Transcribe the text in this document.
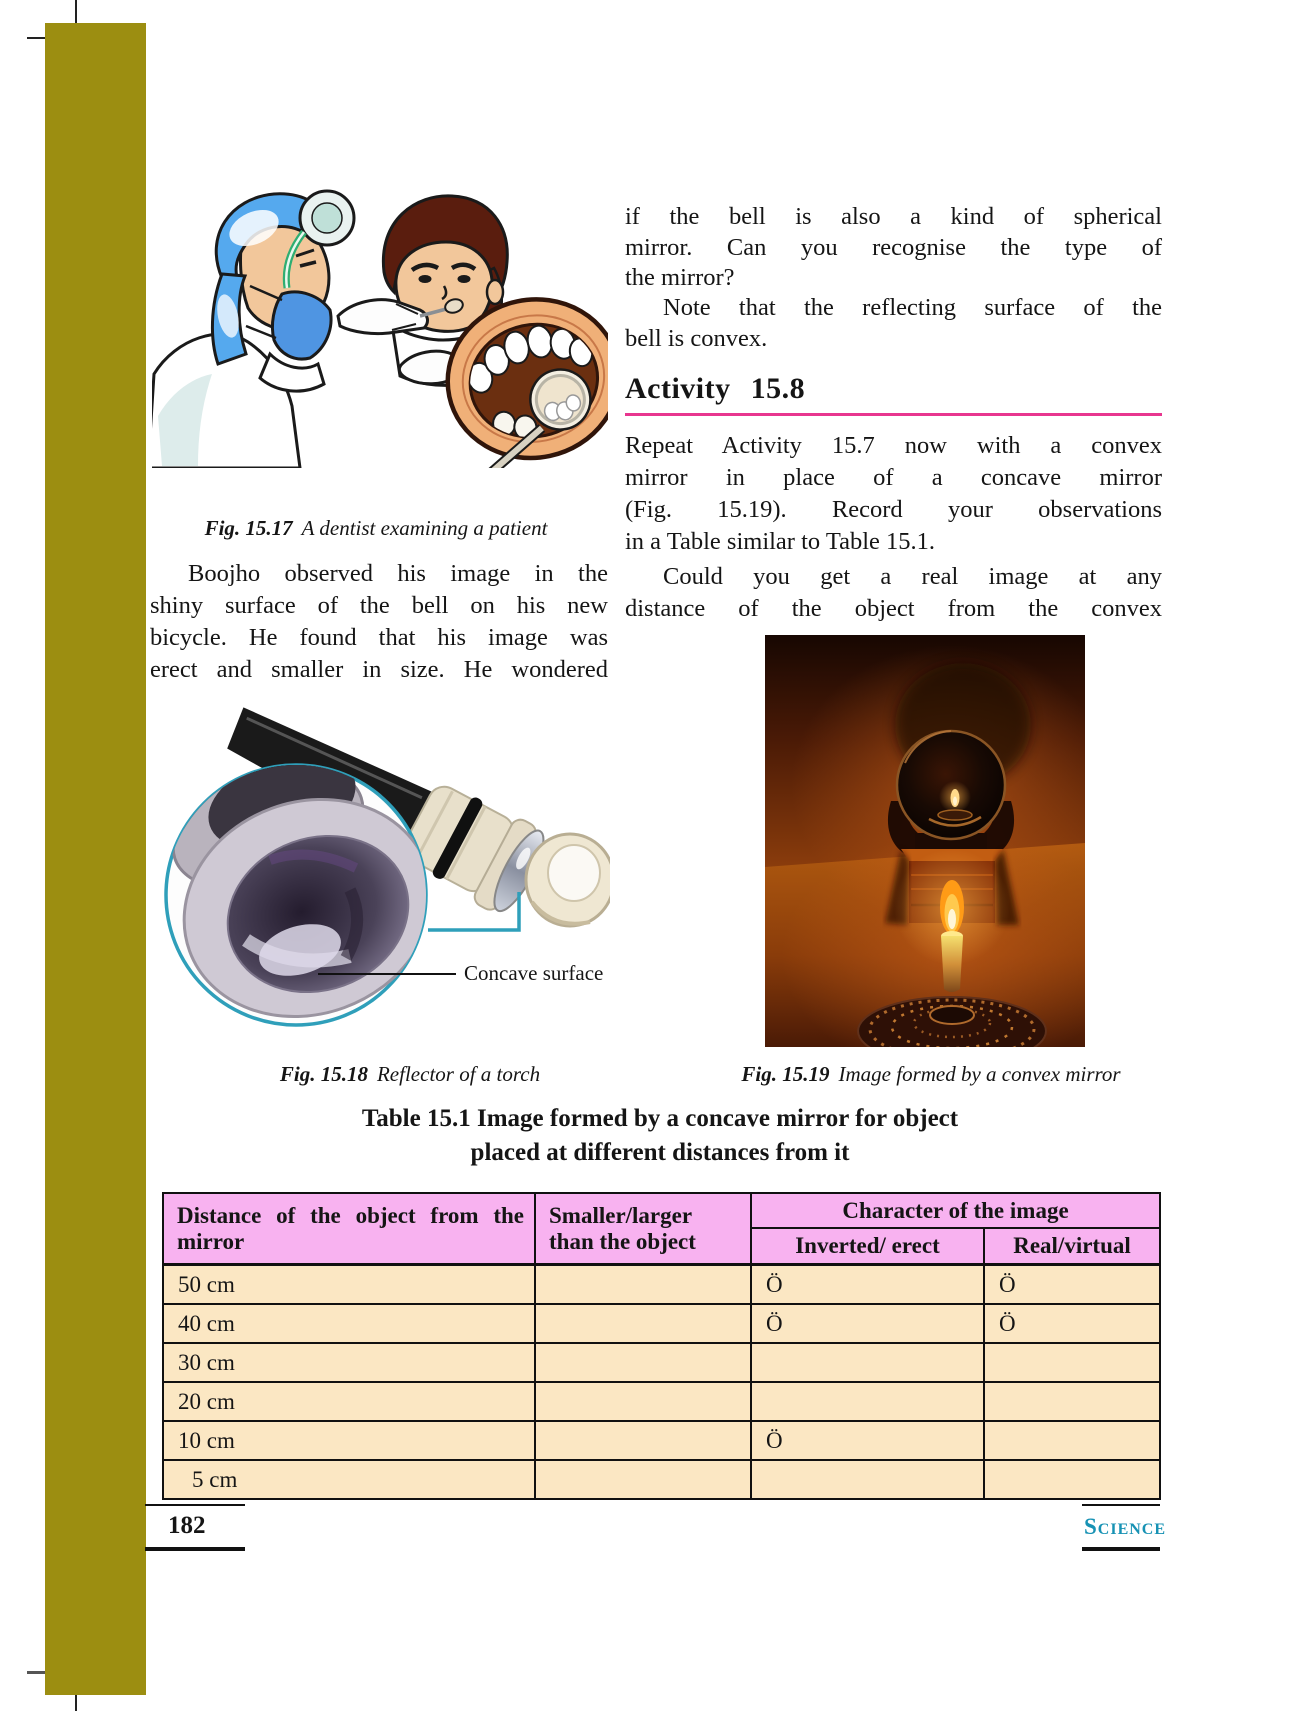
Fig. 15.17 A dentist examining a patient
Boojho observed his image in the
shiny surface of the bell on his new
bicycle. He found that his image was
erect and smaller in size. He wondered
Concave surface
Fig. 15.18 Reflector of a torch
if the bell is also a kind of spherical
mirror. Can you recognise the type of
the mirror?
Note that the reflecting surface of the
bell is convex.
Activity 15.8
Repeat Activity 15.7 now with a convex
mirror in place of a concave mirror
(Fig. 15.19). Record your observations
in a Table similar to Table 15.1.
Could you get a real image at any
distance of the object from the convex
Fig. 15.19 Image formed by a convex mirror
Table 15.1 Image formed by a concave mirror for object
placed at different distances from it
Distance of the object from the mirror	Smaller/larger than the object	Character of the image	
		Inverted/ erect	Real/virtual
50 cm		Ö	Ö
40 cm		Ö	Ö
30 cm			
20 cm			
10 cm		Ö	
5 cm			
182	Science
